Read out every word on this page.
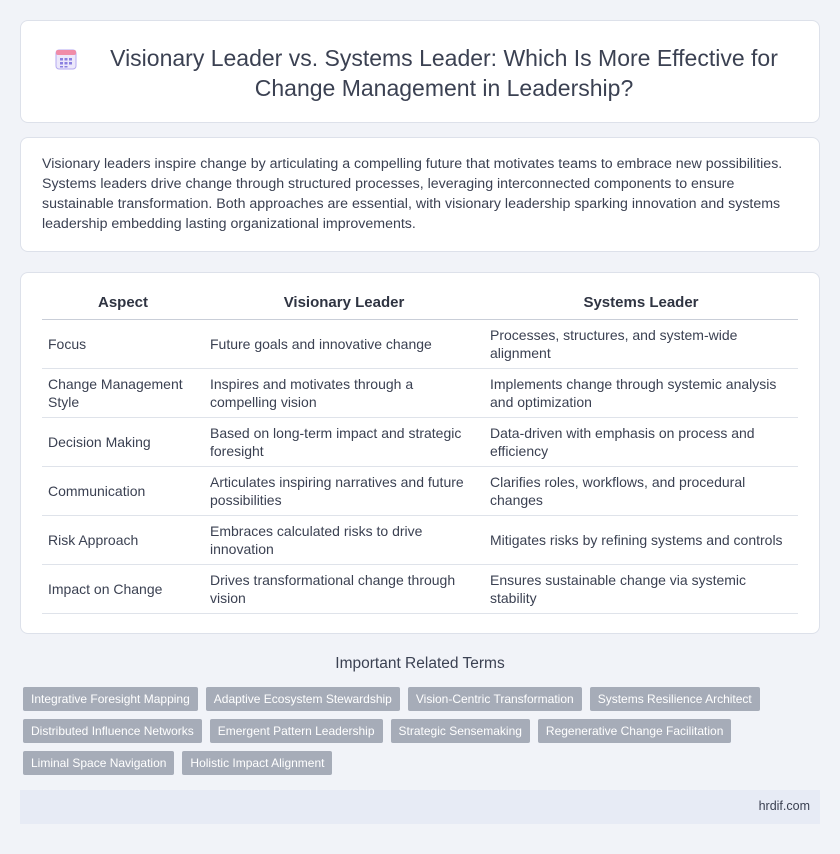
Visionary Leader vs. Systems Leader: Which Is More Effective for Change Management in Leadership?

Visionary leaders inspire change by articulating a compelling future that motivates teams to embrace new possibilities. Systems leaders drive change through structured processes, leveraging interconnected components to ensure sustainable transformation. Both approaches are essential, with visionary leadership sparking innovation and systems leadership embedding lasting organizational improvements.

Aspect	Visionary Leader	Systems Leader
Focus	Future goals and innovative change	Processes, structures, and system-wide alignment
Change Management Style	Inspires and motivates through a compelling vision	Implements change through systemic analysis and optimization
Decision Making	Based on long-term impact and strategic foresight	Data-driven with emphasis on process and efficiency
Communication	Articulates inspiring narratives and future possibilities	Clarifies roles, workflows, and procedural changes
Risk Approach	Embraces calculated risks to drive innovation	Mitigates risks by refining systems and controls
Impact on Change	Drives transformational change through vision	Ensures sustainable change via systemic stability
Important Related Terms
Integrative Foresight Mapping	Adaptive Ecosystem Stewardship	Vision-Centric Transformation	Systems Resilience Architect
Distributed Influence Networks	Emergent Pattern Leadership	Strategic Sensemaking	Regenerative Change Facilitation
Liminal Space Navigation	Holistic Impact Alignment
hrdif.com
